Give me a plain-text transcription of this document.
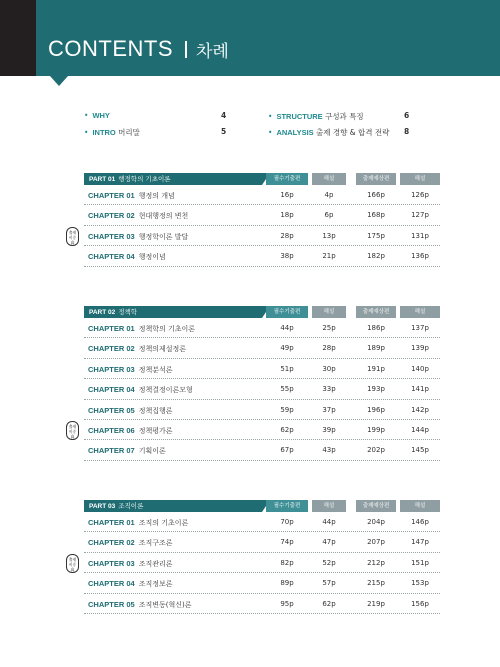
CONTENTS 차례
• WHY	4
• INTRO 머리말	5
• STRUCTURE 구성과 특징	6
• ANALYSIS 출제 경향 & 합격 전략 8
PART 01 행정학의 기초이론	필수기출편	해설	출제예상편	해설
CHAPTER 01 행정의 개념	16p	4p	166p	126p
CHAPTER 02 현대행정의 변천	18p	6p	168p	127p
CHAPTER 03 행정학이론 발달	28p	13p	175p	131p
CHAPTER 04 행정이념	38p	21p	182p	136p
출제
비중
高
PART 02 정책학	필수기출편	해설	출제예상편	해설
CHAPTER 01 정책학의 기초이론	44p	25p	186p	137p
CHAPTER 02 정책의제설정론	49p	28p	189p	139p
CHAPTER 03 정책분석론	51p	30p	191p	140p
CHAPTER 04 정책결정이론모형	55p	33p	193p	141p
CHAPTER 05 정책집행론	59p	37p	196p	142p
CHAPTER 06 정책평가론	62p	39p	199p	144p
CHAPTER 07 기획이론	67p	43p	202p	145p
출제
비중
高
PART 03 조직이론	필수기출편	해설	출제예상편	해설
CHAPTER 01 조직의 기초이론	70p	44p	204p	146p
CHAPTER 02 조직구조론	74p	47p	207p	147p
CHAPTER 03 조직관리론	82p	52p	212p	151p
CHAPTER 04 조직정보론	89p	57p	215p	153p
CHAPTER 05 조직변동(혁신)론	95p	62p	219p	156p
출제
비중
高
